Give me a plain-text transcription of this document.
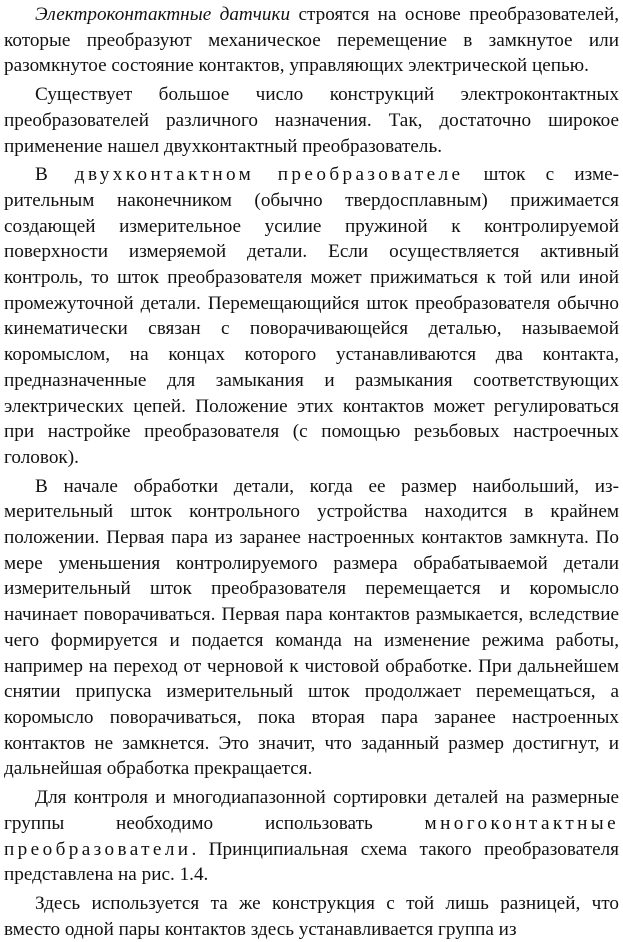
Электроконтактные датчики строятся на основе преобразователей, которые преобразуют механическое перемещение в замкнутое или разомкнутое состояние контактов, управляющих электрической цепью.

Существует большое число конструкций электроконтактных преобразователей различного назначения. Так, достаточно широкое применение нашел двухконтактный преобразователь.

В двухконтактном преобразователе шток с измерительным наконечником (обычно твердосплавным) прижимается создающей измерительное усилие пружиной к контролируемой поверхности измеряемой детали. Если осуществляется активный контроль, то шток преобразователя может прижиматься к той или иной промежуточной детали. Перемещающийся шток преобразователя обычно кинематически связан с поворачивающейся деталью, называемой коромыслом, на концах которого устанавливаются два контакта, предназначенные для замыкания и размыкания соответствующих электрических цепей. Положение этих контактов может регулироваться при настройке преобразователя (с помощью резьбовых настроечных головок).

В начале обработки детали, когда ее размер наибольший, измерительный шток контрольного устройства находится в крайнем положении. Первая пара из заранее настроенных контактов замкнута. По мере уменьшения контролируемого размера обрабатываемой детали измерительный шток преобразователя перемещается и коромысло начинает поворачиваться. Первая пара контактов размыкается, вследствие чего формируется и подается команда на изменение режима работы, например на переход от черновой к чистовой обработке. При дальнейшем снятии припуска измерительный шток продолжает перемещаться, а коромысло поворачиваться, пока вторая пара заранее настроенных контактов не замкнется. Это значит, что заданный размер достигнут, и дальнейшая обработка прекращается.

Для контроля и многодиапазонной сортировки деталей на размерные группы необходимо использовать многоконтактные преобразователи. Принципиальная схема такого преобразователя представлена на рис. 1.4.

Здесь используется та же конструкция с той лишь разницей, что вместо одной пары контактов здесь устанавливается группа из
